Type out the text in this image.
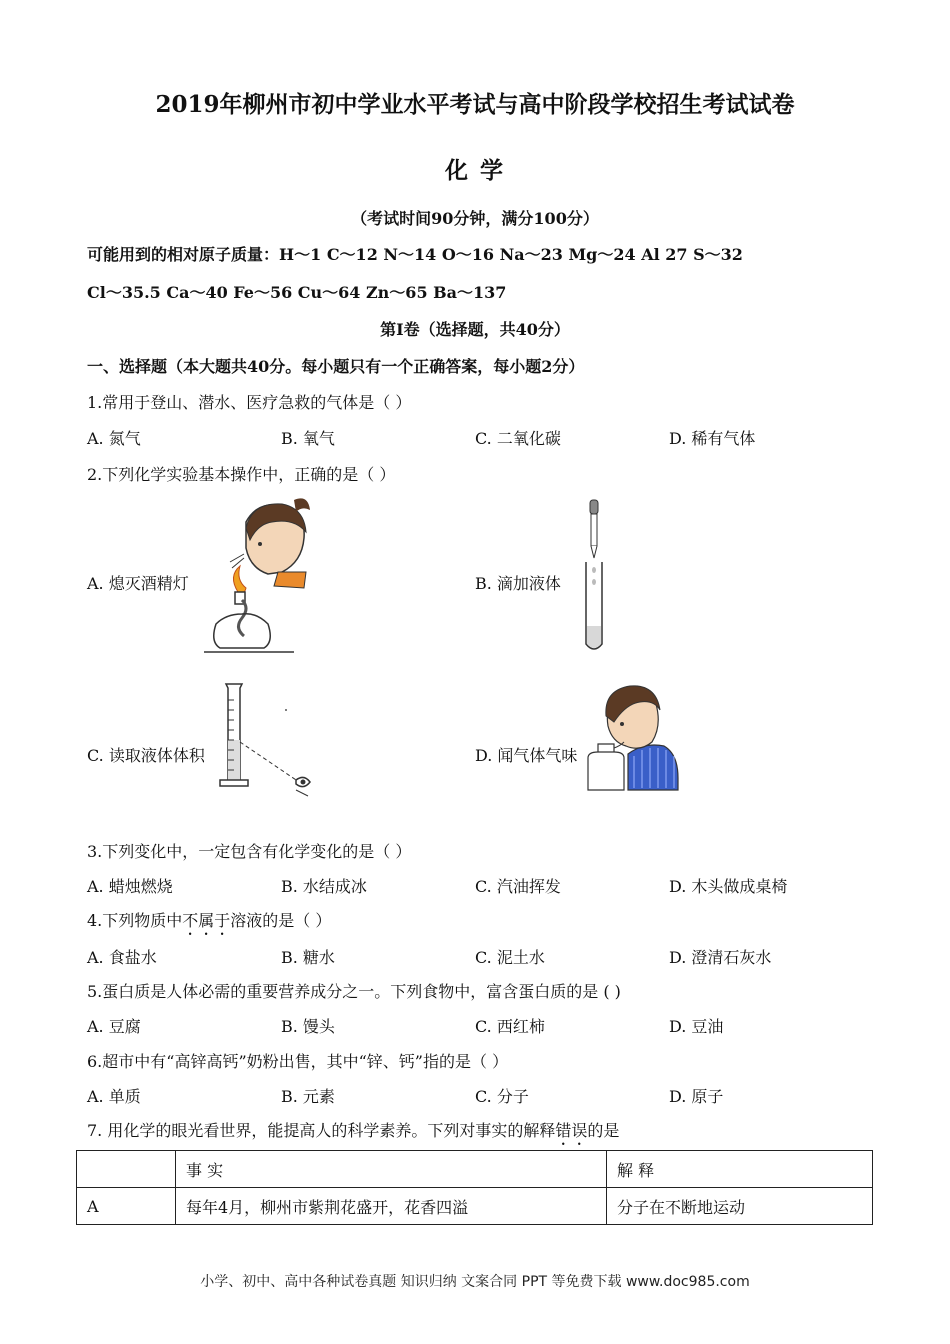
2019年柳州市初中学业水平考试与高中阶段学校招生考试试卷
化 学
（考试时间90分钟，满分100分）
可能用到的相对原子质量：H～1 C～12 N～14 O～16 Na～23 Mg～24 Al 27 S～32
Cl～35.5 Ca～40 Fe～56 Cu～64 Zn～65 Ba～137
第Ⅰ卷（选择题，共40分）
一、选择题（本大题共40分。每小题只有一个正确答案，每小题2分）
1.常用于登山、潜水、医疗急救的气体是（ ）
A. 氮气	B. 氧气	C. 二氧化碳	D. 稀有气体
2.下列化学实验基本操作中，正确的是（ ）
A. 熄灭酒精灯	B. 滴加液体
C. 读取液体体积	D. 闻气体气味
3.下列变化中，一定包含有化学变化的是（ ）
A. 蜡烛燃烧	B. 水结成冰	C. 汽油挥发	D. 木头做成桌椅
4.下列物质中不属于溶液的是（ ）
A. 食盐水	B. 糖水	C. 泥土水	D. 澄清石灰水
5.蛋白质是人体必需的重要营养成分之一。下列食物中，富含蛋白质的是 ( )
A. 豆腐	B. 馒头	C. 西红柿	D. 豆油
6.超市中有“高锌高钙”奶粉出售，其中“锌、钙”指的是（ ）
A. 单质	B. 元素	C. 分子	D. 原子
7. 用化学的眼光看世界，能提高人的科学素养。下列对事实的解释错误的是
	事 实	解 释
A	每年4月，柳州市紫荆花盛开，花香四溢	分子在不断地运动
小学、初中、高中各种试卷真题 知识归纳 文案合同 PPT 等免费下载 www.doc985.com
